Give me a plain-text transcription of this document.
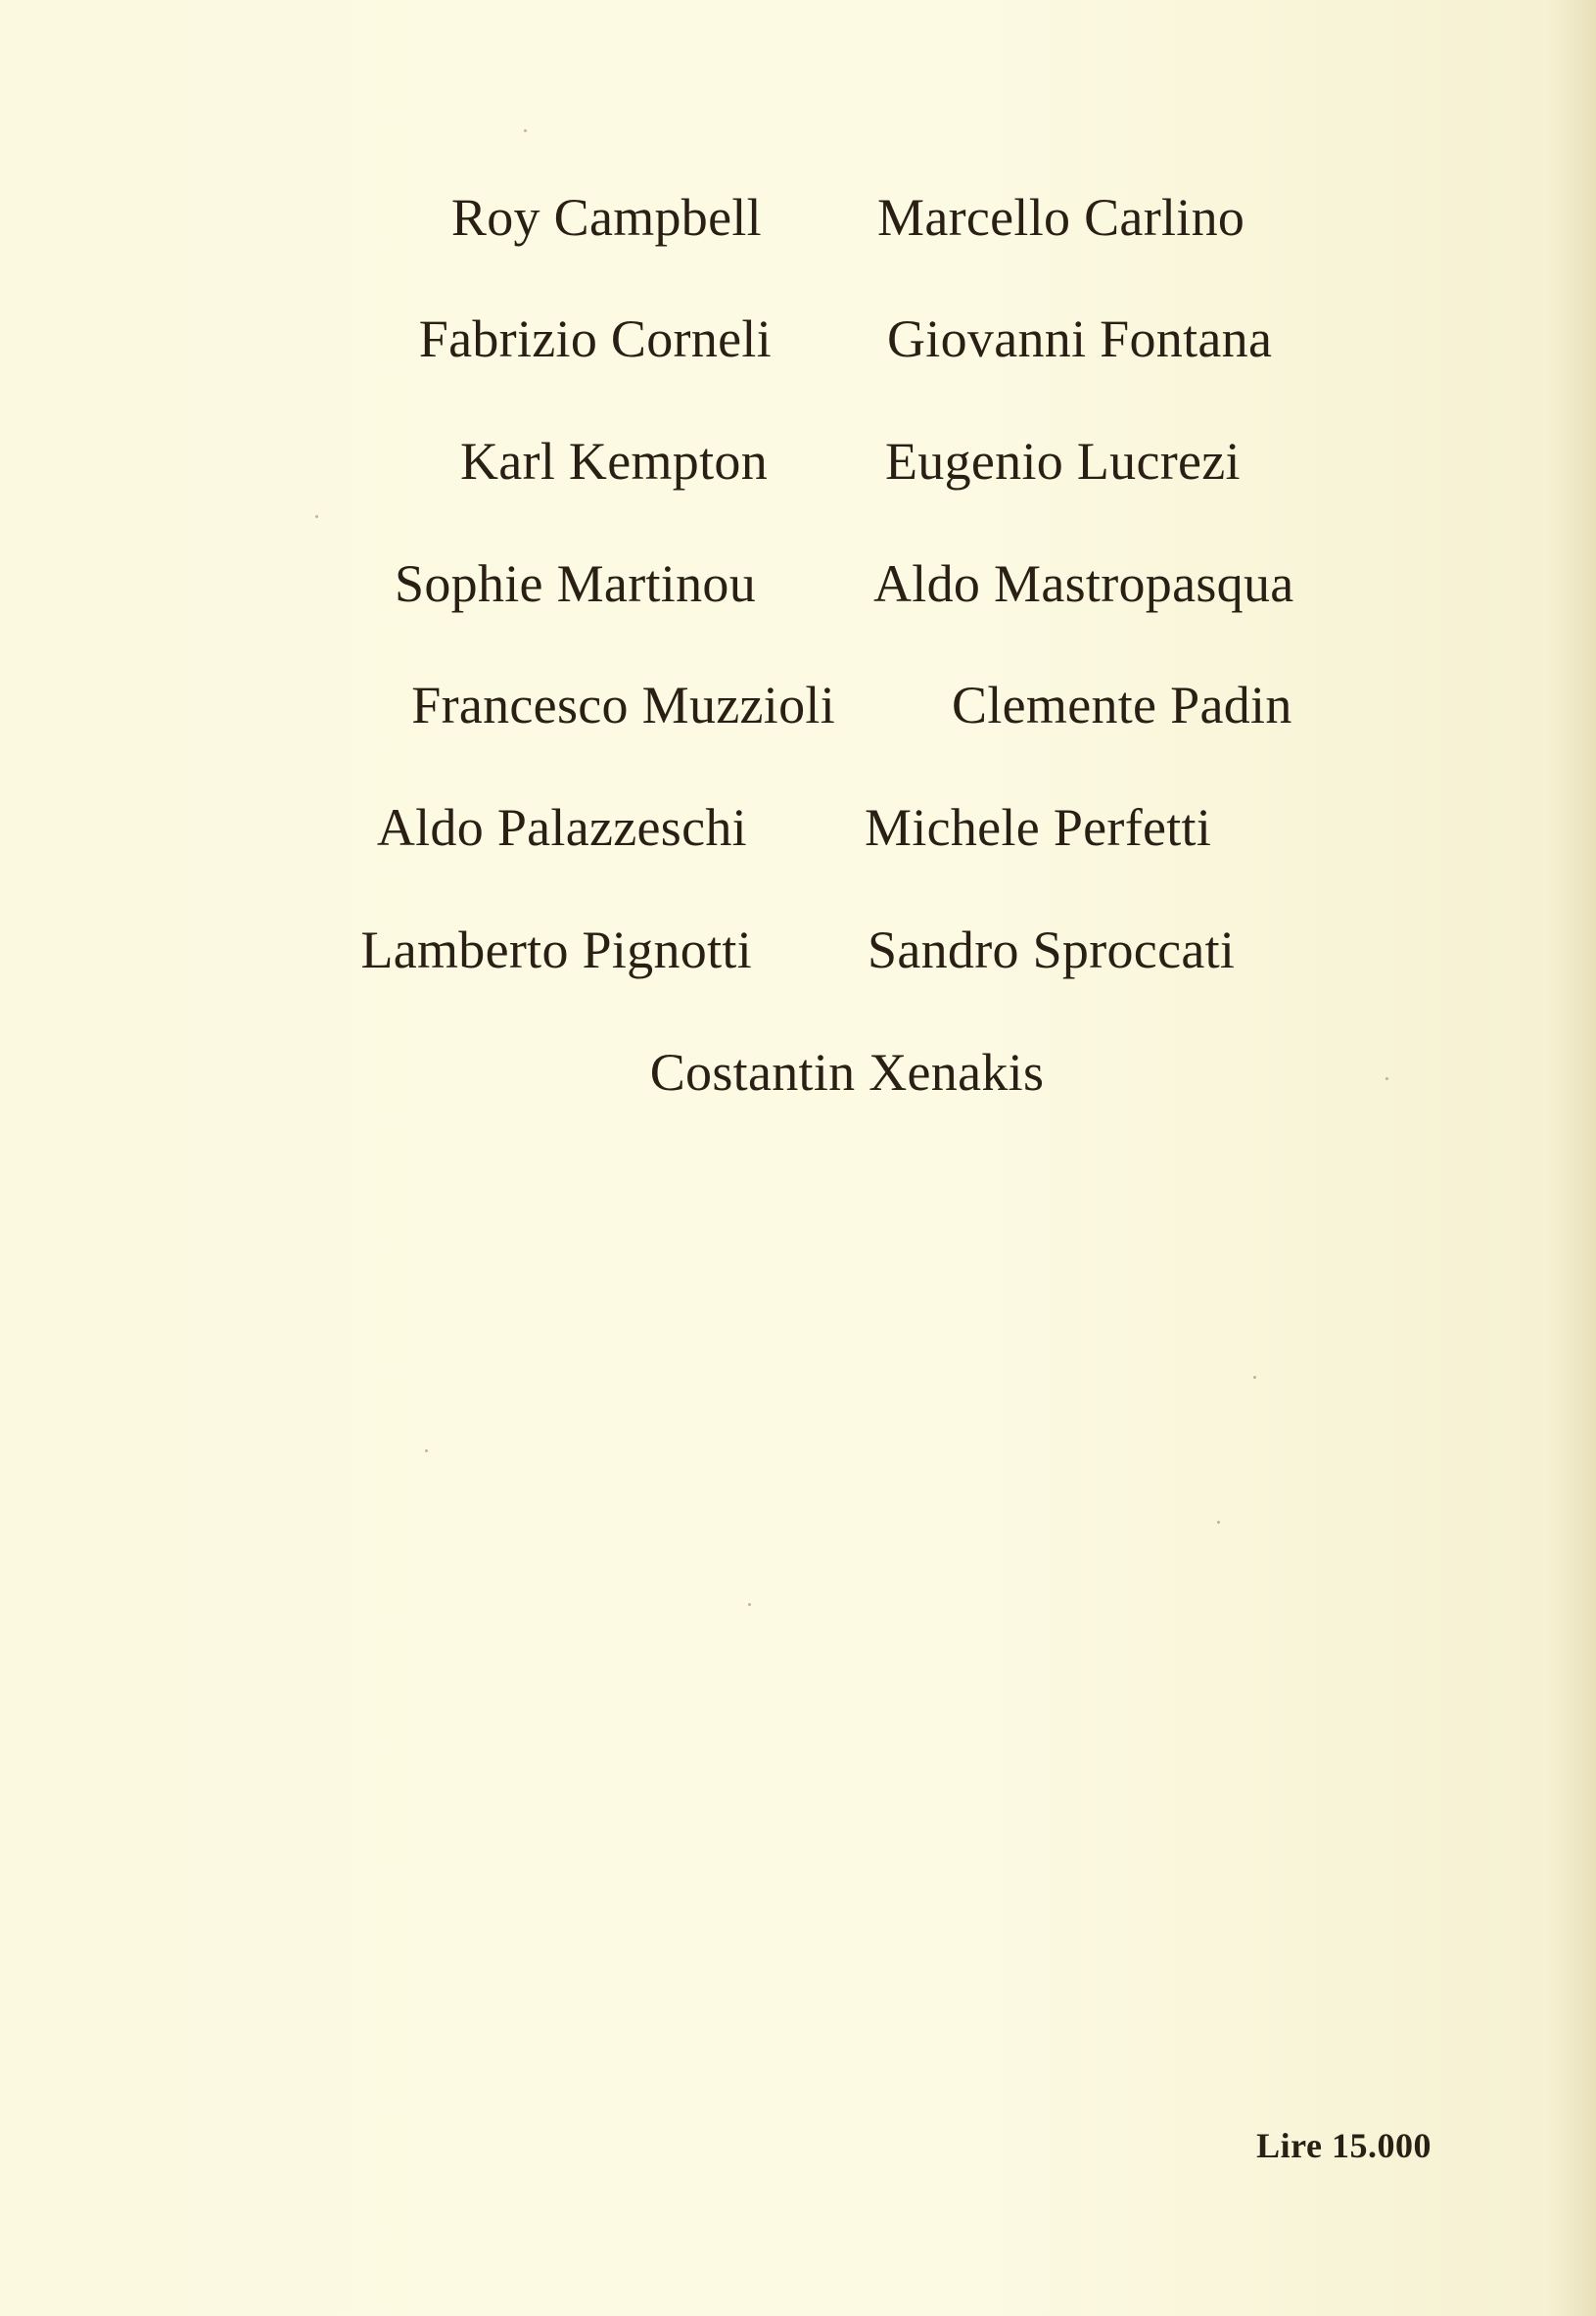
Roy Campbell Marcello Carlino
Fabrizio Corneli Giovanni Fontana
Karl Kempton Eugenio Lucrezi
Sophie Martinou Aldo Mastropasqua
Francesco Muzzioli Clemente Padin
Aldo Palazzeschi Michele Perfetti
Lamberto Pignotti Sandro Sproccati
Costantin Xenakis
Lire 15.000
